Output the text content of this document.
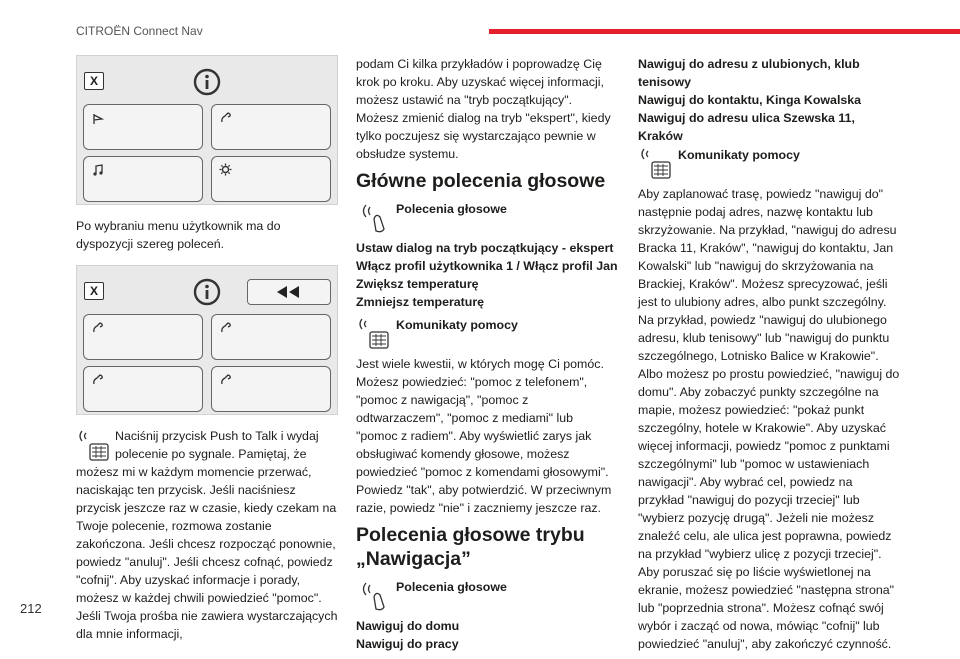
CITROËN Connect Nav
X

Po wybraniu menu użytkownik ma do dyspozycji szereg poleceń.

X
Naciśnij przycisk Push to Talk i wydaj polecenie po sygnale. Pamiętaj, że

możesz mi w każdym momencie przerwać, naciskając ten przycisk. Jeśli naciśniesz przycisk jeszcze raz w czasie, kiedy czekam na Twoje polecenie, rozmowa zostanie zakończona. Jeśli chcesz rozpocząć ponownie, powiedz "anuluj". Jeśli chcesz cofnąć, powiedz "cofnij". Aby uzyskać informacje i porady, możesz w każdej chwili powiedzieć "pomoc". Jeśli Twoja prośba nie zawiera wystarczających dla mnie informacji,

podam Ci kilka przykładów i poprowadzę Cię krok po kroku. Aby uzyskać więcej informacji, możesz ustawić na "tryb początkujący". Możesz zmienić dialog na tryb "ekspert", kiedy tylko poczujesz się wystarczająco pewnie w obsłudze systemu.

Główne polecenia głosowe
Polecenia głosowe
Ustaw dialog na tryb początkujący - ekspert
Włącz profil użytkownika 1 / Włącz profil Jan
Zwiększ temperaturę
Zmniejsz temperaturę
Komunikaty pomocy

Jest wiele kwestii, w których mogę Ci pomóc. Możesz powiedzieć: "pomoc z telefonem", "pomoc z nawigacją", "pomoc z odtwarzaczem", "pomoc z mediami" lub "pomoc z radiem". Aby wyświetlić zarys jak obsługiwać komendy głosowe, możesz powiedzieć "pomoc z komendami głosowymi". Powiedz "tak", aby potwierdzić. W przeciwnym razie, powiedz "nie" i zaczniemy jeszcze raz.

Polecenia głosowe trybu „Nawigacja”
Polecenia głosowe
Nawiguj do domu
Nawiguj do pracy
Nawiguj do adresu z ulubionych, klub tenisowy
Nawiguj do kontaktu, Kinga Kowalska
Nawiguj do adresu ulica Szewska 11, Kraków
Komunikaty pomocy

Aby zaplanować trasę, powiedz "nawiguj do" następnie podaj adres, nazwę kontaktu lub skrzyżowanie. Na przykład, "nawiguj do adresu Bracka 11, Kraków", "nawiguj do kontaktu, Jan Kowalski" lub "nawiguj do skrzyżowania na Brackiej, Kraków". Możesz sprecyzować, jeśli jest to ulubiony adres, albo punkt szczególny. Na przykład, powiedz "nawiguj do ulubionego adresu, klub tenisowy" lub "nawiguj do punktu szczególnego, Lotnisko Balice w Krakowie". Albo możesz po prostu powiedzieć, "nawiguj do domu". Aby zobaczyć punkty szczególne na mapie, możesz powiedzieć: "pokaż punkt szczególny, hotele w Krakowie". Aby uzyskać więcej informacji, powiedz "pomoc z punktami szczególnymi" lub "pomoc w ustawieniach nawigacji". Aby wybrać cel, powiedz na przykład "nawiguj do pozycji trzeciej" lub "wybierz pozycję drugą". Jeżeli nie możesz znaleźć celu, ale ulica jest poprawna, powiedz na przykład "wybierz ulicę z pozycji trzeciej". Aby poruszać się po liście wyświetlonej na ekranie, możesz powiedzieć "następna strona" lub "poprzednia strona". Możesz cofnąć swój wybór i zacząć od nowa, mówiąc "cofnij" lub powiedzieć "anuluj", aby zakończyć czynność.

212
